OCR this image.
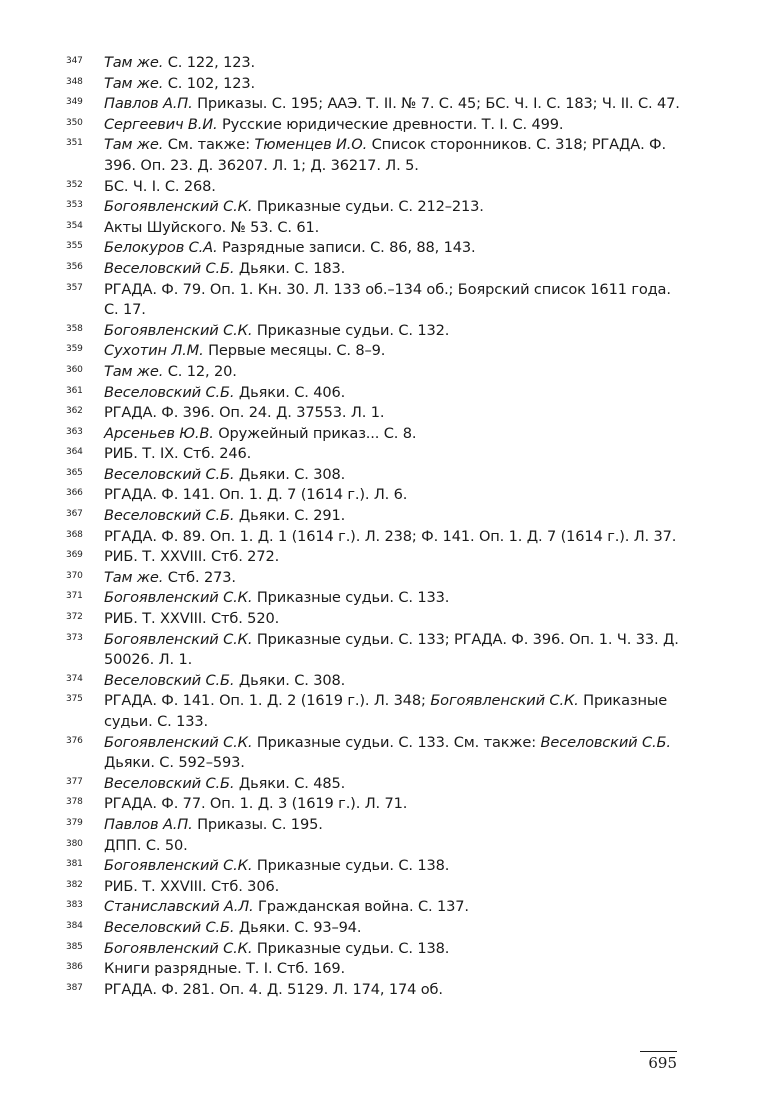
347 Там же. С. 122, 123.
348 Там же. С. 102, 123.
349 Павлов А.П. Приказы. С. 195; ААЭ. Т. II. № 7. С. 45; БС. Ч. I. С. 183; Ч. II. С. 47.
350 Сергеевич В.И. Русские юридические древности. Т. I. С. 499.
351 Там же. См. также: Тюменцев И.О. Список сторонников. С. 318; РГАДА. Ф. 396. Оп. 23. Д. 36207. Л. 1; Д. 36217. Л. 5.
352 БС. Ч. I. С. 268.
353 Богоявленский С.К. Приказные судьи. С. 212–213.
354 Акты Шуйского. № 53. С. 61.
355 Белокуров С.А. Разрядные записи. С. 86, 88, 143.
356 Веселовский С.Б. Дьяки. С. 183.
357 РГАДА. Ф. 79. Оп. 1. Кн. 30. Л. 133 об.–134 об.; Боярский список 1611 года. С. 17.
358 Богоявленский С.К. Приказные судьи. С. 132.
359 Сухотин Л.М. Первые месяцы. С. 8–9.
360 Там же. С. 12, 20.
361 Веселовский С.Б. Дьяки. С. 406.
362 РГАДА. Ф. 396. Оп. 24. Д. 37553. Л. 1.
363 Арсеньев Ю.В. Оружейный приказ... С. 8.
364 РИБ. Т. IX. Стб. 246.
365 Веселовский С.Б. Дьяки. С. 308.
366 РГАДА. Ф. 141. Оп. 1. Д. 7 (1614 г.). Л. 6.
367 Веселовский С.Б. Дьяки. С. 291.
368 РГАДА. Ф. 89. Оп. 1. Д. 1 (1614 г.). Л. 238; Ф. 141. Оп. 1. Д. 7 (1614 г.). Л. 37.
369 РИБ. Т. XXVIII. Стб. 272.
370 Там же. Стб. 273.
371 Богоявленский С.К. Приказные судьи. С. 133.
372 РИБ. Т. XXVIII. Стб. 520.
373 Богоявленский С.К. Приказные судьи. С. 133; РГАДА. Ф. 396. Оп. 1. Ч. 33. Д. 50026. Л. 1.
374 Веселовский С.Б. Дьяки. С. 308.
375 РГАДА. Ф. 141. Оп. 1. Д. 2 (1619 г.). Л. 348; Богоявленский С.К. Приказные судьи. С. 133.
376 Богоявленский С.К. Приказные судьи. С. 133. См. также: Веселовский С.Б. Дьяки. С. 592–593.
377 Веселовский С.Б. Дьяки. С. 485.
378 РГАДА. Ф. 77. Оп. 1. Д. 3 (1619 г.). Л. 71.
379 Павлов А.П. Приказы. С. 195.
380 ДПП. С. 50.
381 Богоявленский С.К. Приказные судьи. С. 138.
382 РИБ. Т. XXVIII. Стб. 306.
383 Станиславский А.Л. Гражданская война. С. 137.
384 Веселовский С.Б. Дьяки. С. 93–94.
385 Богоявленский С.К. Приказные судьи. С. 138.
386 Книги разрядные. Т. I. Стб. 169.
387 РГАДА. Ф. 281. Оп. 4. Д. 5129. Л. 174, 174 об.
695
